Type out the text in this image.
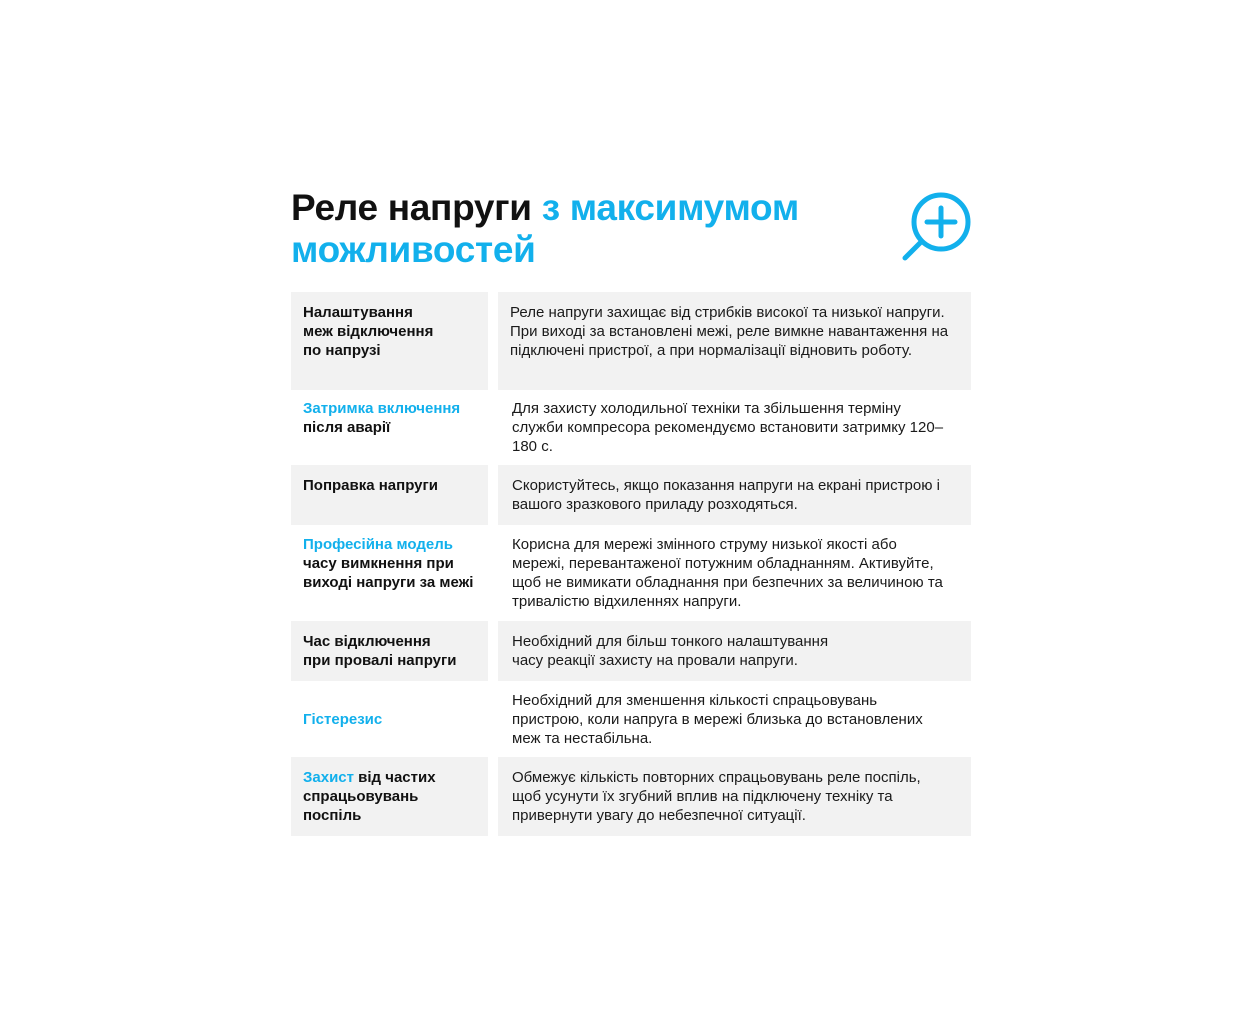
Реле напруги з максимумом можливостей
Налаштування
меж відключення
по напрузі
Реле напруги захищає від стрибків високої та низької напруги. При виході за встановлені межі, реле вимкне навантаження на підключені пристрої, а при нормалізації відновить роботу.
Затримка включення
після аварії
Для захисту холодильної техніки та збільшення терміну служби компресора рекомендуємо встановити затримку 120–180 с.
Поправка напруги	Скористуйтесь, якщо показання напруги на екрані пристрою і вашого зразкового приладу розходяться.
Професійна модель
часу вимкнення при
виході напруги за межі
Корисна для мережі змінного струму низької якості або мережі, перевантаженої потужним обладнанням. Активуйте, щоб не вимикати обладнання при безпечних за величиною та тривалістю відхиленнях напруги.
Час відключення
при провалі напруги
Необхідний для більш тонкого налаштування
часу реакції захисту на провали напруги.
Гістерезис
Необхідний для зменшення кількості спрацьовувань пристрою, коли напруга в мережі близька до встановлених меж та нестабільна.
Захист від частих
спрацьовувань поспіль
Обмежує кількість повторних спрацьовувань реле поспіль, щоб усунути їх згубний вплив на підключену техніку та привернути увагу до небезпечної ситуації.
